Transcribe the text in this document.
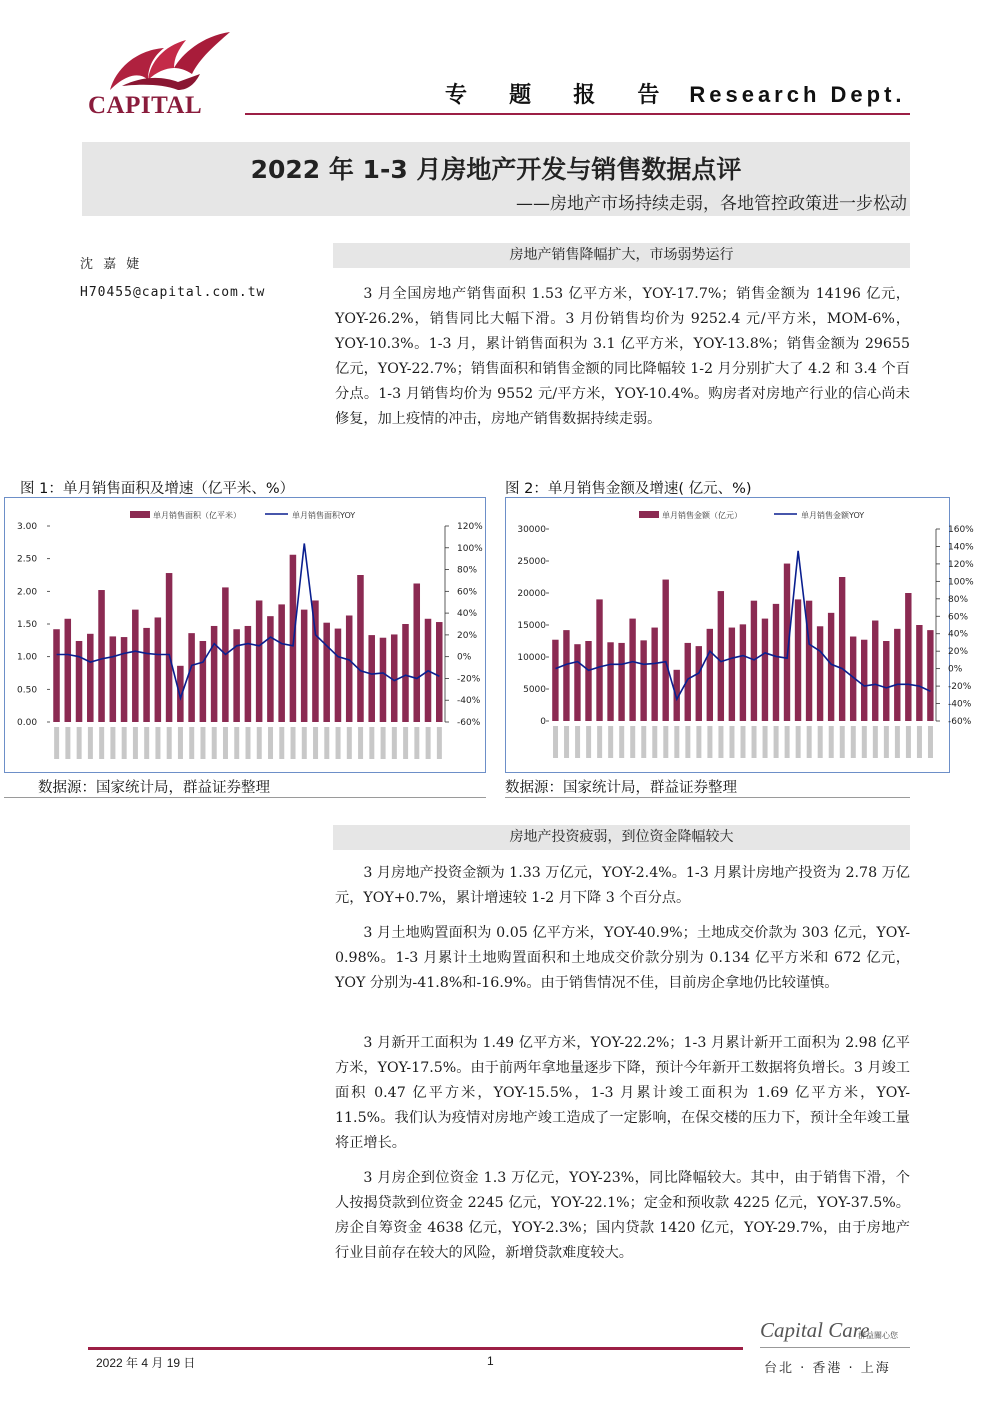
CAPITAL	专 题 报 告 Research Dept.
2022 年 1-3 月房地产开发与销售数据点评
——房地产市场持续走弱，各地管控政策进一步松动
沈 嘉 婕
H70455@capital.com.tw
房地产销售降幅扩大，市场弱势运行
3 月全国房地产销售面积 1.53 亿平方米，YOY-17.7%；销售金额为 14196 亿元，YOY-26.2%，销售同比大幅下滑。3 月份销售均价为 9252.4 元/平方米，MOM-6%，YOY-10.3%。1-3 月，累计销售面积为 3.1 亿平方米，YOY-13.8%；销售金额为 29655 亿元，YOY-22.7%；销售面积和销售金额的同比降幅较 1-2 月分别扩大了 4.2 和 3.4 个百分点。1-3 月销售均价为 9552 元/平方米，YOY-10.4%。购房者对房地产行业的信心尚未修复，加上疫情的冲击，房地产销售数据持续走弱。
图 1：单月销售面积及增速（亿平米、%）	图 2：单月销售金额及增速( 亿元、%)
单月销售面积（亿平米）	单月销售面积YOY
0.00
0.50
1.00
1.50
2.00
2.50
3.00
-60%
-40%
-20%
0%
20%
40%
60%
80%
100%
120%
单月销售金额（亿元）	单月销售金额YOY
0
5000
10000
15000
20000
25000
30000
-60%
-40%
-20%
0%
20%
40%
60%
80%
100%
120%
140%
160%
数据源：国家统计局，群益证券整理	数据源：国家统计局，群益证券整理
房地产投资疲弱，到位资金降幅较大
3 月房地产投资金额为 1.33 万亿元，YOY-2.4%。1-3 月累计房地产投资为 2.78 万亿元，YOY+0.7%，累计增速较 1-2 月下降 3 个百分点。
3 月土地购置面积为 0.05 亿平方米，YOY-40.9%；土地成交价款为 303 亿元，YOY-0.98%。1-3 月累计土地购置面积和土地成交价款分别为 0.134 亿平方米和 672 亿元，YOY 分别为-41.8%和-16.9%。由于销售情况不佳，目前房企拿地仍比较谨慎。
3 月新开工面积为 1.49 亿平方米，YOY-22.2%；1-3 月累计新开工面积为 2.98 亿平方米，YOY-17.5%。由于前两年拿地量逐步下降，预计今年新开工数据将负增长。3 月竣工面积 0.47 亿平方米，YOY-15.5%，1-3 月累计竣工面积为 1.69 亿平方米，YOY-11.5%。我们认为疫情对房地产竣工造成了一定影响，在保交楼的压力下，预计全年竣工量将正增长。
3 月房企到位资金 1.3 万亿元，YOY-23%，同比降幅较大。其中，由于销售下滑，个人按揭贷款到位资金 2245 亿元，YOY-22.1%；定金和预收款 4225 亿元，YOY-37.5%。房企自筹资金 4638 亿元，YOY-2.3%；国内贷款 1420 亿元，YOY-29.7%，由于房地产行业目前存在较大的风险，新增贷款难度较大。
2022 年 4 月 19 日	1
Capital Care
群益關心您
台北 · 香港 · 上海
